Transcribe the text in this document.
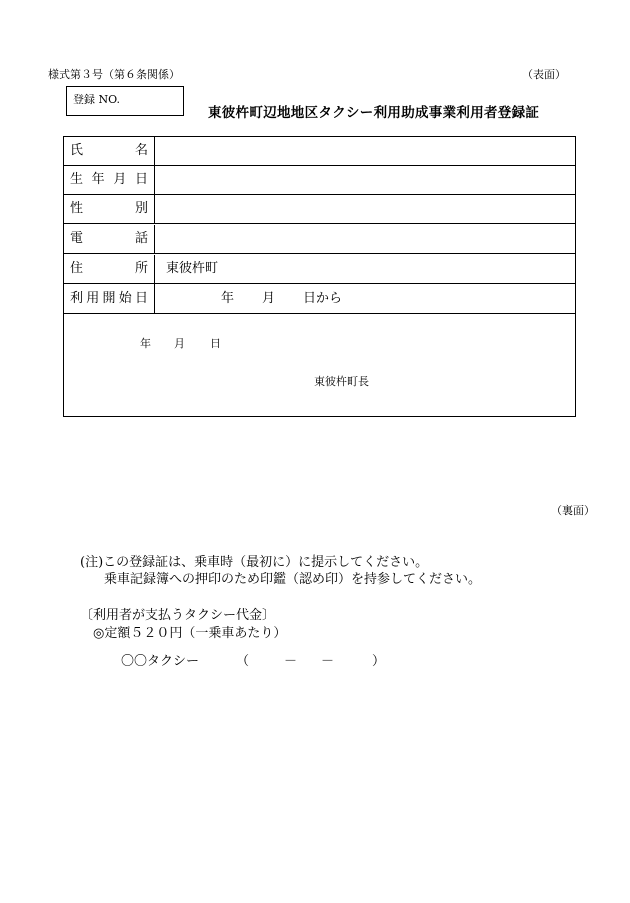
様式第３号（第６条関係）	（表面）
登録 NO.
東彼杵町辺地地区タクシー利用助成事業利用者登録証
氏	名
生 年 月 日
性	別
電	話
住	所 東彼杵町
利 用 開 始 日	年 月 日から
年 月 日
東彼杵町長
（裏面）
(注)この登録証は、乗車時（最初に）に提示してください。
乗車記録簿への押印のため印鑑（認め印）を持参してください。
〔利用者が支払うタクシー代金〕
◎定額５２０円（一乗車あたり）
〇〇タクシー	（	－ －	）
